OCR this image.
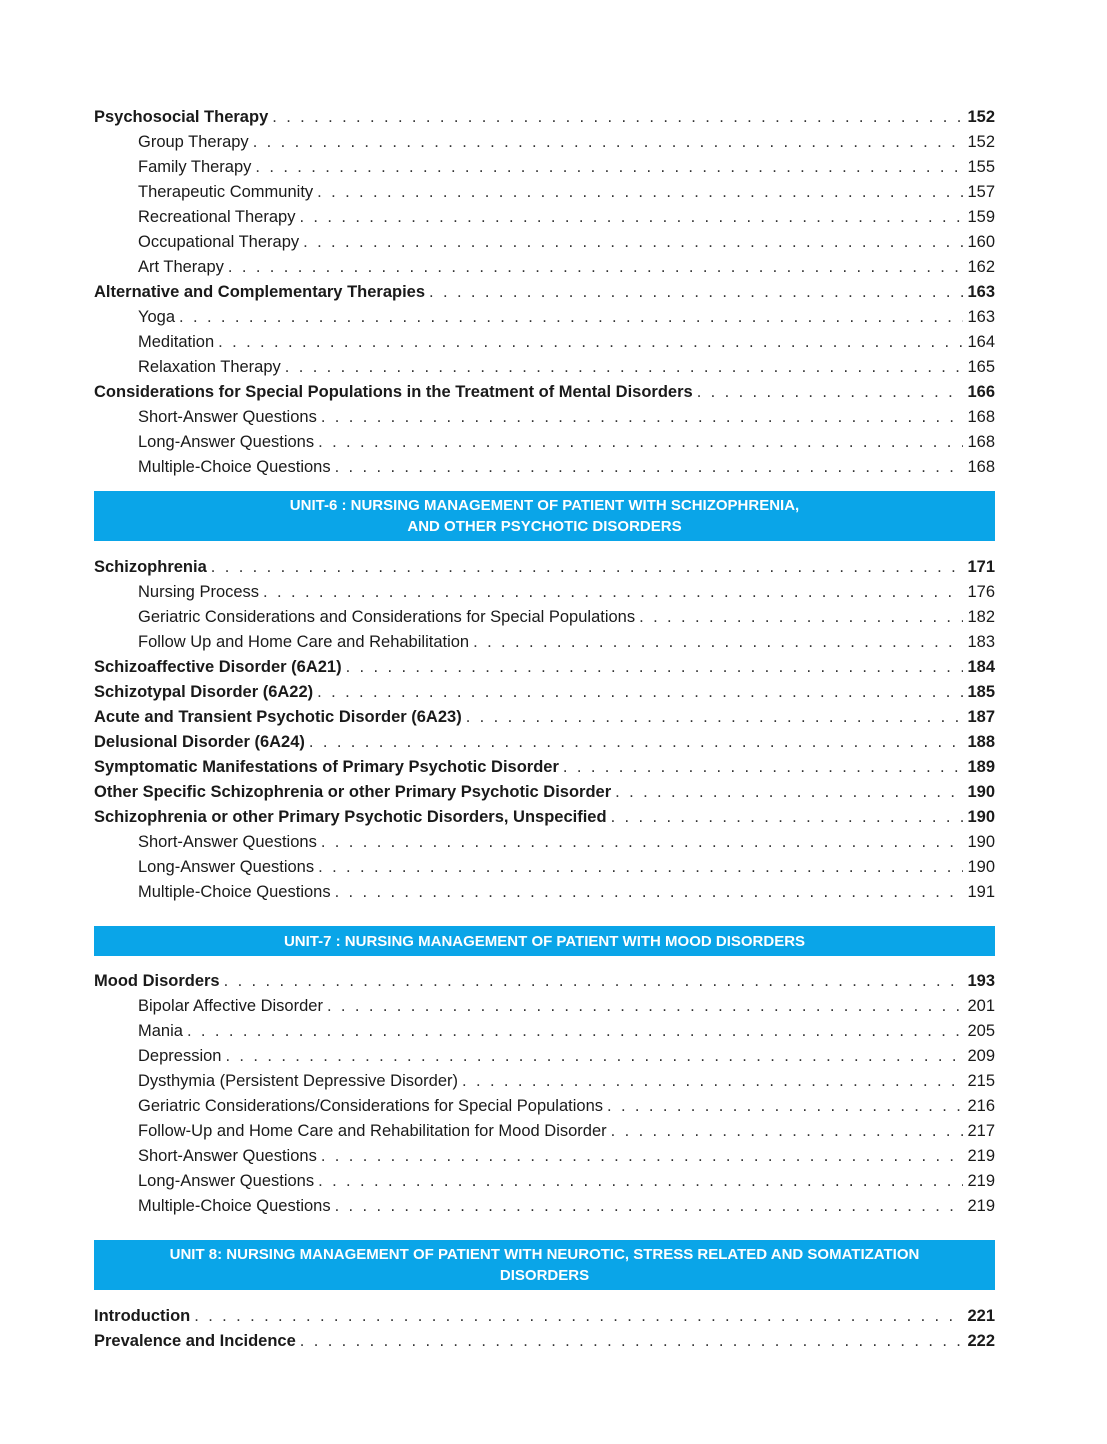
Psychosocial Therapy . . .	152
Group Therapy . . .	152
Family Therapy . . .	155
Therapeutic Community . . .	157
Recreational Therapy . . .	159
Occupational Therapy . . .	160
Art Therapy . . .	162
Alternative and Complementary Therapies . . .	163
Yoga . . .	163
Meditation . . .	164
Relaxation Therapy . . .	165
Considerations for Special Populations in the Treatment of Mental Disorders . . .	166
Short-Answer Questions . . .	168
Long-Answer Questions . . .	168
Multiple-Choice Questions . . .	168
UNIT-6 : NURSING MANAGEMENT OF PATIENT WITH SCHIZOPHRENIA,
AND OTHER PSYCHOTIC DISORDERS
Schizophrenia . . .	171
Nursing Process . . .	176
Geriatric Considerations and Considerations for Special Populations . . .	182
Follow Up and Home Care and Rehabilitation . . .	183
Schizoaffective Disorder (6A21) . . .	184
Schizotypal Disorder (6A22) . . .	185
Acute and Transient Psychotic Disorder (6A23) . . .	187
Delusional Disorder (6A24) . . .	188
Symptomatic Manifestations of Primary Psychotic Disorder . . .	189
Other Specific Schizophrenia or other Primary Psychotic Disorder . . .	190
Schizophrenia or other Primary Psychotic Disorders, Unspecified . . .	190
Short-Answer Questions . . .	190
Long-Answer Questions . . .	190
Multiple-Choice Questions . . .	191
UNIT-7 : NURSING MANAGEMENT OF PATIENT WITH MOOD DISORDERS
Mood Disorders . . .	193
Bipolar Affective Disorder . . .	201
Mania . . .	205
Depression . . .	209
Dysthymia (Persistent Depressive Disorder) . . .	215
Geriatric Considerations/Considerations for Special Populations . . .	216
Follow-Up and Home Care and Rehabilitation for Mood Disorder . . .	217
Short-Answer Questions . . .	219
Long-Answer Questions . . .	219
Multiple-Choice Questions . . .	219
UNIT 8: NURSING MANAGEMENT OF PATIENT WITH NEUROTIC, STRESS RELATED AND SOMATIZATION
DISORDERS
Introduction . . .	221
Prevalence and Incidence . . .	222
